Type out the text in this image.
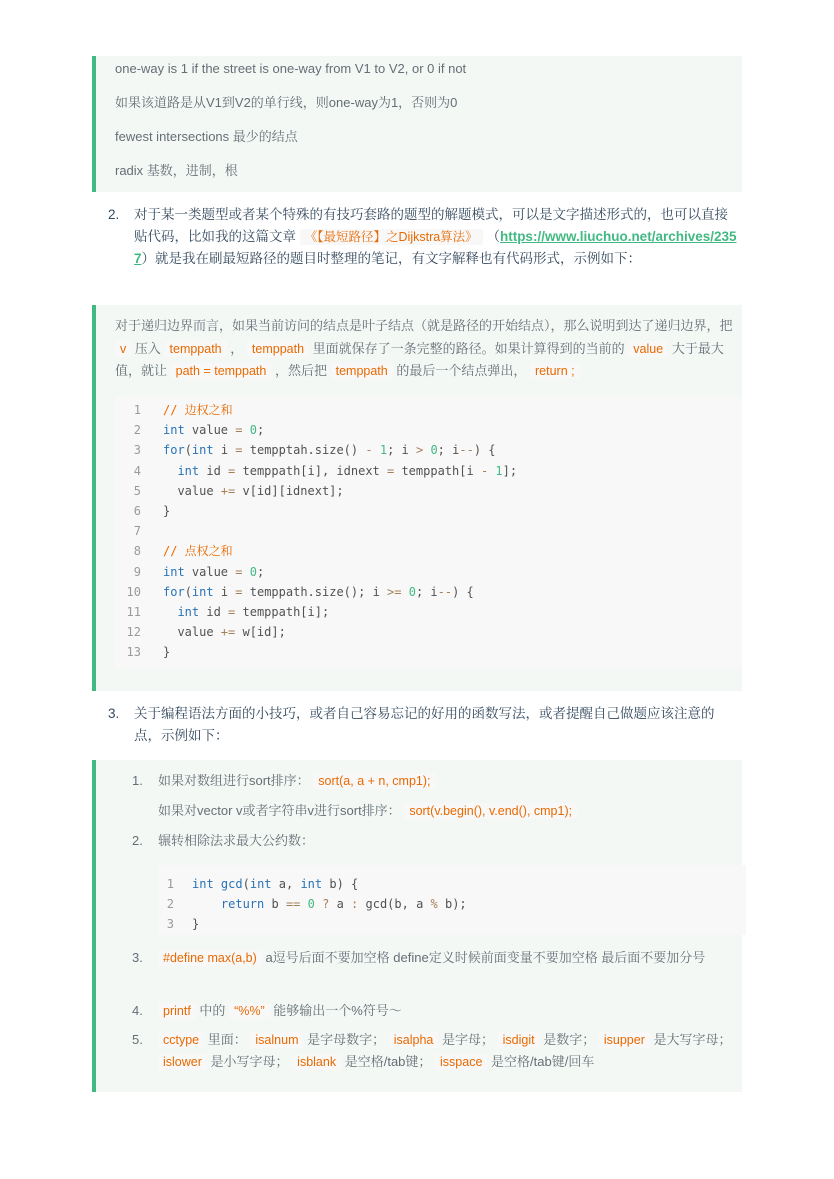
one-way is 1 if the street is one-way from V1 to V2, or 0 if not

如果该道路是从V1到V2的单行线，则one-way为1，否则为0

fewest intersections 最少的结点

radix 基数，进制，根

2. 对于某一类题型或者某个特殊的有技巧套路的题型的解题模式，可以是文字描述形式的，也可以直接贴代码，比如我的这篇文章 《【最短路径】之Dijkstra算法》 （https://www.liuchuo.net/archives/2357）就是我在刷最短路径的题目时整理的笔记，有文字解释也有代码形式，示例如下：
对于递归边界而言，如果当前访问的结点是叶子结点（就是路径的开始结点），那么说明到达了递归边界，把 v 压入 temppath ， temppath 里面就保存了一条完整的路径。如果计算得到的当前的 value 大于最大值，就让 path = temppath ，然后把 temppath 的最后一个结点弹出， return ;
1 // 边权之和
2 int value = 0;
3 for(int i = tempptah.size() - 1; i > 0; i--) {
4	int id = temppath[i], idnext = temppath[i - 1];
5 value += v[id][idnext];
6 }
7
8 // 点权之和
9 int value = 0;
10 for(int i = temppath.size(); i >= 0; i--) {
11	int id = temppath[i];
12 value += w[id];
13 }
3. 关于编程语法方面的小技巧，或者自己容易忘记的好用的函数写法，或者提醒自己做题应该注意的点，示例如下：
1. 如果对数组进行sort排序： sort(a, a + n, cmp1);
如果对vector v或者字符串v进行sort排序： sort(v.begin(), v.end(), cmp1);
2. 辗转相除法求最大公约数：
1 int gcd(int a, int b) {
2	return b == 0 ? a : gcd(b, a % b);
3 }
3.	#define max(a,b) a逗号后面不要加空格 define定义时候前面变量不要加空格 最后面不要加分号
4.	printf 中的 “%%” 能够输出一个%符号～
5.	cctype 里面： isalnum 是字母数字； isalpha 是字母； isdigit 是数字； isupper 是大写字母； islower 是小写字母； isblank 是空格/tab键； isspace 是空格/tab键/回车
